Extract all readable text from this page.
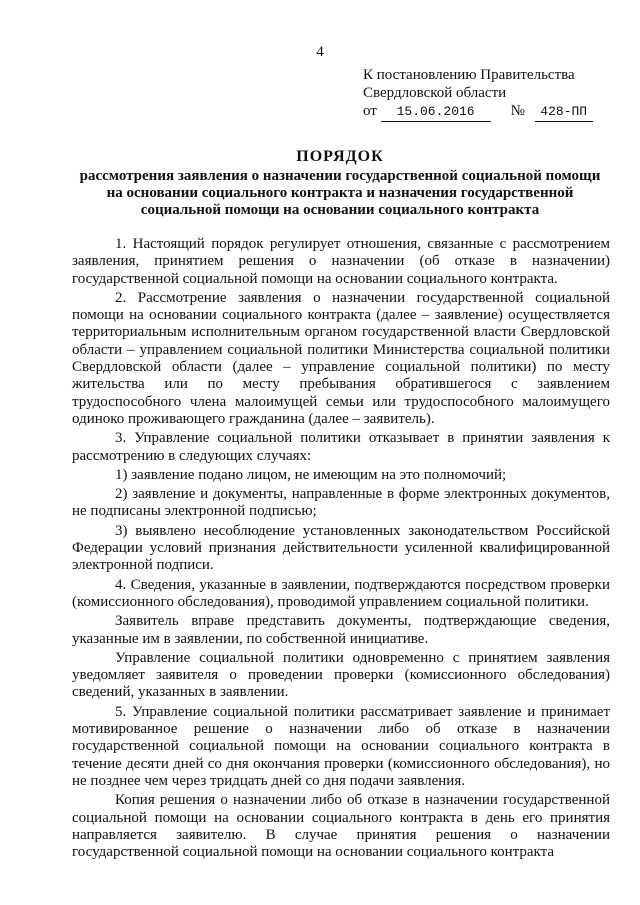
4
К постановлению Правительства
Свердловской области
от 15.06.2016 № 428-ПП
ПОРЯДОК
рассмотрения заявления о назначении государственной социальной помощи
на основании социального контракта и назначения государственной
социальной помощи на основании социального контракта

1. Настоящий порядок регулирует отношения, связанные с рассмотрением заявления, принятием решения о назначении (об отказе в назначении) государственной социальной помощи на основании социального контракта.

2. Рассмотрение заявления о назначении государственной социальной помощи на основании социального контракта (далее – заявление) осуществляется территориальным исполнительным органом государственной власти Свердловской области – управлением социальной политики Министерства социальной политики Свердловской области (далее – управление социальной политики) по месту жительства или по месту пребывания обратившегося с заявлением трудоспособного члена малоимущей семьи или трудоспособного малоимущего одиноко проживающего гражданина (далее – заявитель).

3. Управление социальной политики отказывает в принятии заявления к рассмотрению в следующих случаях:

1) заявление подано лицом, не имеющим на это полномочий;

2) заявление и документы, направленные в форме электронных документов, не подписаны электронной подписью;

3) выявлено несоблюдение установленных законодательством Российской Федерации условий признания действительности усиленной квалифицированной электронной подписи.

4. Сведения, указанные в заявлении, подтверждаются посредством проверки (комиссионного обследования), проводимой управлением социальной политики.

Заявитель вправе представить документы, подтверждающие сведения, указанные им в заявлении, по собственной инициативе.

Управление социальной политики одновременно с принятием заявления уведомляет заявителя о проведении проверки (комиссионного обследования) сведений, указанных в заявлении.

5. Управление социальной политики рассматривает заявление и принимает мотивированное решение о назначении либо об отказе в назначении государственной социальной помощи на основании социального контракта в течение десяти дней со дня окончания проверки (комиссионного обследования), но не позднее чем через тридцать дней со дня подачи заявления.

Копия решения о назначении либо об отказе в назначении государственной социальной помощи на основании социального контракта в день его принятия направляется заявителю. В случае принятия решения о назначении государственной социальной помощи на основании социального контракта
